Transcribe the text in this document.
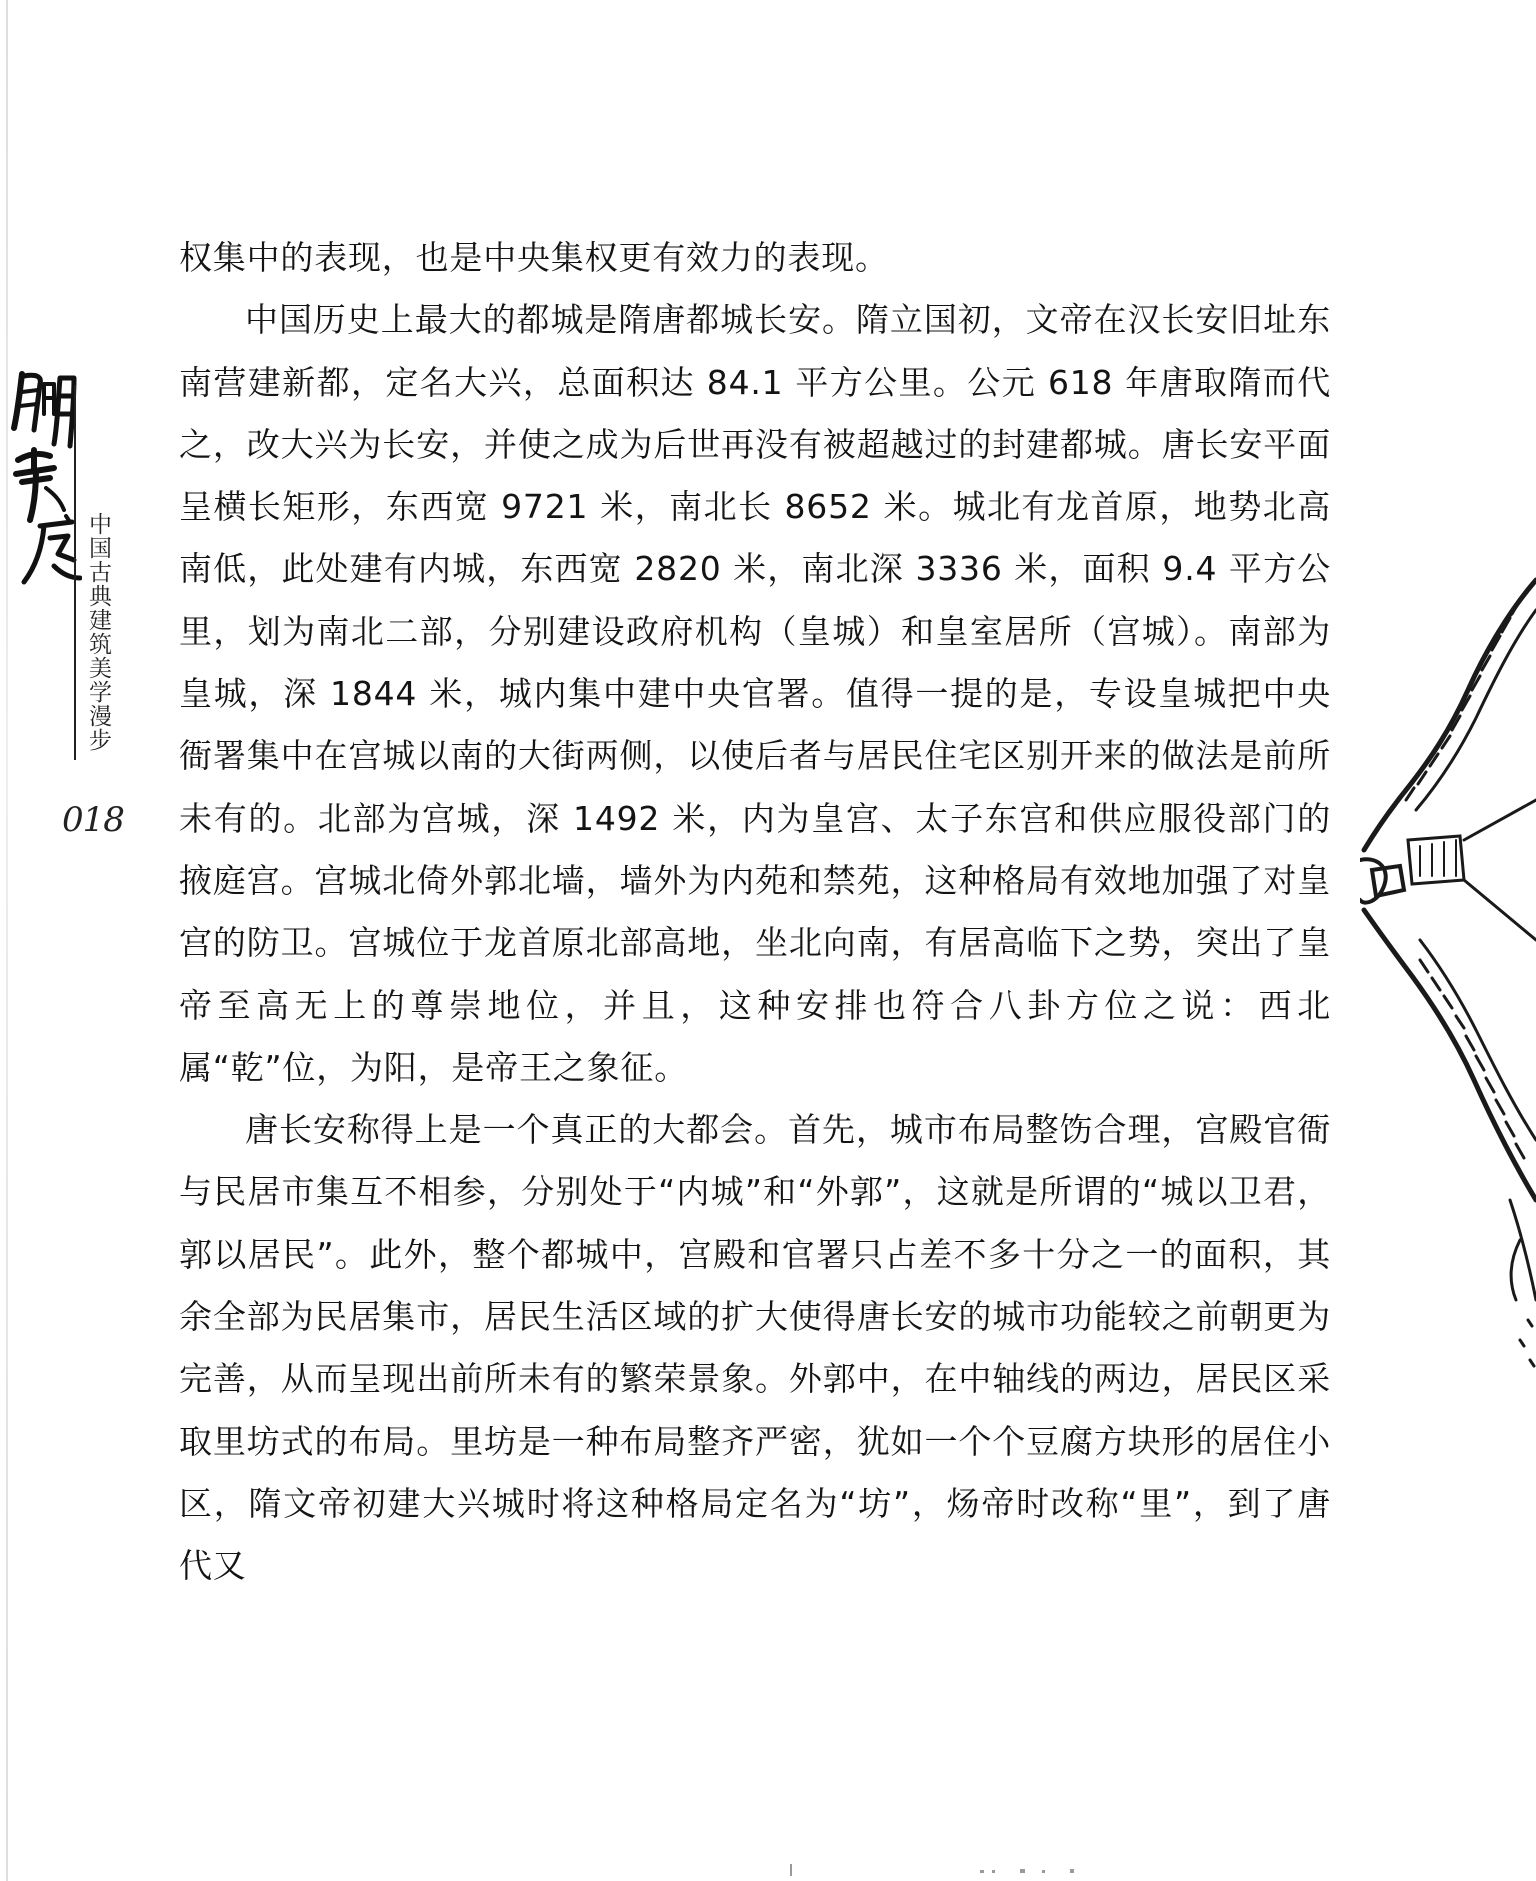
中国古典建筑美学漫步
018

权集中的表现，也是中央集权更有效力的表现。

中国历史上最大的都城是隋唐都城长安。隋立国初，文帝在汉长安旧址东南营建新都，定名大兴，总面积达 84.1 平方公里。公元 618 年唐取隋而代之，改大兴为长安，并使之成为后世再没有被超越过的封建都城。唐长安平面呈横长矩形，东西宽 9721 米，南北长 8652 米。城北有龙首原，地势北高南低，此处建有内城，东西宽 2820 米，南北深 3336 米，面积 9.4 平方公里，划为南北二部，分别建设政府机构（皇城）和皇室居所（宫城）。南部为皇城，深 1844 米，城内集中建中央官署。值得一提的是，专设皇城把中央衙署集中在宫城以南的大街两侧，以使后者与居民住宅区别开来的做法是前所未有的。北部为宫城，深 1492 米，内为皇宫、太子东宫和供应服役部门的掖庭宫。宫城北倚外郭北墙，墙外为内苑和禁苑，这种格局有效地加强了对皇宫的防卫。宫城位于龙首原北部高地，坐北向南，有居高临下之势，突出了皇帝至高无上的尊崇地位，并且，这种安排也符合八卦方位之说：西北属“乾”位，为阳，是帝王之象征。

唐长安称得上是一个真正的大都会。首先，城市布局整饬合理，宫殿官衙与民居市集互不相参，分别处于“内城”和“外郭”，这就是所谓的“城以卫君，郭以居民”。此外，整个都城中，宫殿和官署只占差不多十分之一的面积，其余全部为民居集市，居民生活区域的扩大使得唐长安的城市功能较之前朝更为完善，从而呈现出前所未有的繁荣景象。外郭中，在中轴线的两边，居民区采取里坊式的布局。里坊是一种布局整齐严密，犹如一个个豆腐方块形的居住小区，隋文帝初建大兴城时将这种格局定名为“坊”，炀帝时改称“里”，到了唐代又
